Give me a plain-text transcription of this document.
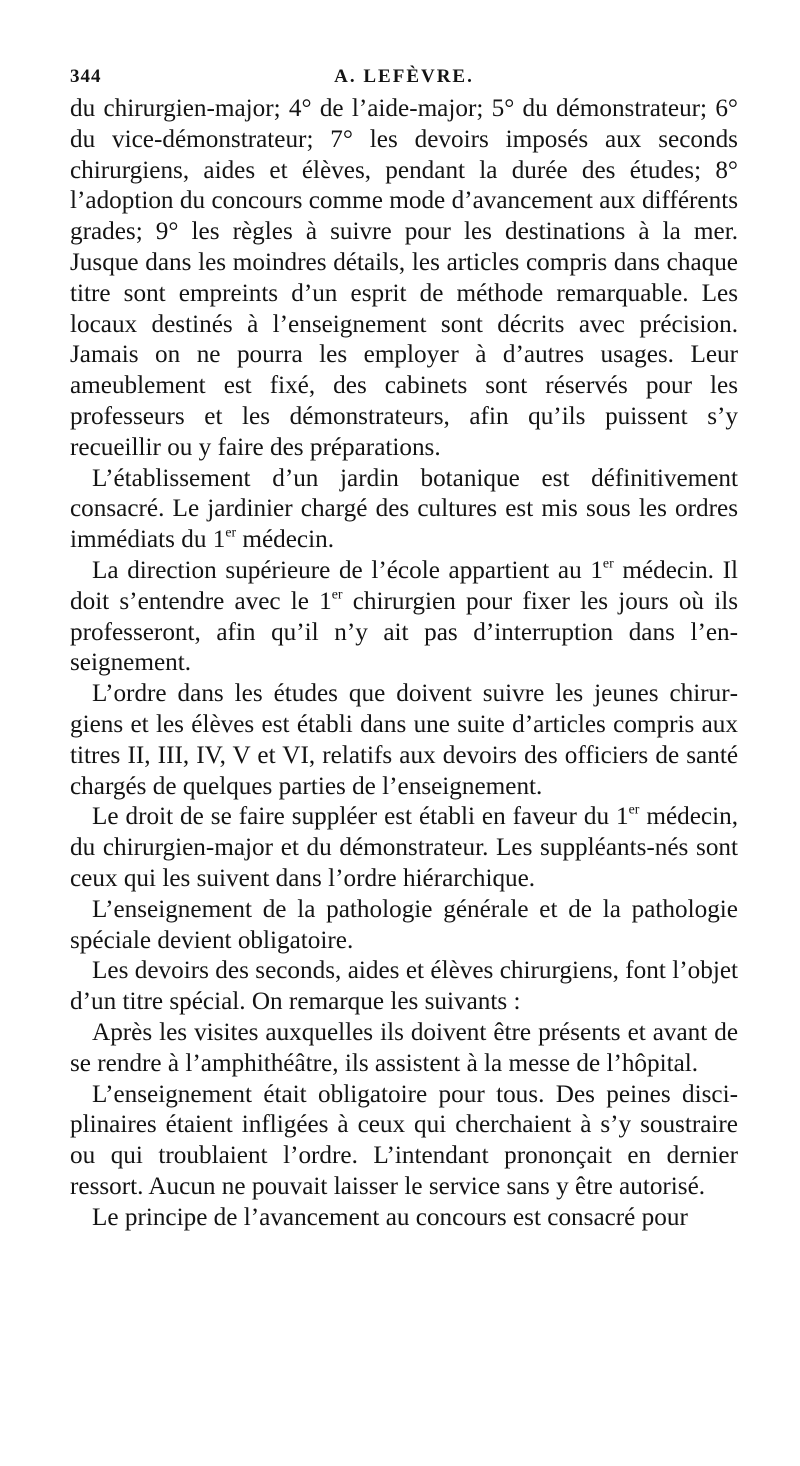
344	A. LEFÈVRE.

du chirurgien-major; 4° de l’aide-major; 5° du démonstrateur; 6° du vice-démonstrateur; 7° les devoirs imposés aux seconds chirurgiens, aides et élèves, pendant la durée des études; 8° l’adoption du concours comme mode d’avancement aux différents grades; 9° les règles à suivre pour les destinations à la mer. Jusque dans les moindres détails, les articles compris dans chaque titre sont empreints d’un esprit de méthode remarquable. Les locaux destinés à l’enseignement sont décrits avec précision. Jamais on ne pourra les employer à d’autres usages. Leur ameublement est fixé, des cabinets sont réservés pour les professeurs et les démonstrateurs, afin qu’ils puissent s’y recueillir ou y faire des préparations.

L’établissement d’un jardin botanique est définitivement consacré. Le jardinier chargé des cultures est mis sous les ordres immédiats du 1er médecin.

La direction supérieure de l’école appartient au 1er médecin. Il doit s’entendre avec le 1er chirurgien pour fixer les jours où ils professeront, afin qu’il n’y ait pas d’interruption dans l’enseignement.

L’ordre dans les études que doivent suivre les jeunes chirurgiens et les élèves est établi dans une suite d’articles compris aux titres II, III, IV, V et VI, relatifs aux devoirs des officiers de santé chargés de quelques parties de l’enseignement.

Le droit de se faire suppléer est établi en faveur du 1er médecin, du chirurgien-major et du démonstrateur. Les suppléants-nés sont ceux qui les suivent dans l’ordre hiérarchique.

L’enseignement de la pathologie générale et de la pathologie spéciale devient obligatoire.

Les devoirs des seconds, aides et élèves chirurgiens, font l’objet d’un titre spécial. On remarque les suivants :

Après les visites auxquelles ils doivent être présents et avant de se rendre à l’amphithéâtre, ils assistent à la messe de l’hôpital.

L’enseignement était obligatoire pour tous. Des peines disciplinaires étaient infligées à ceux qui cherchaient à s’y soustraire ou qui troublaient l’ordre. L’intendant prononçait en dernier ressort. Aucun ne pouvait laisser le service sans y être autorisé.

Le principe de l’avancement au concours est consacré pour
